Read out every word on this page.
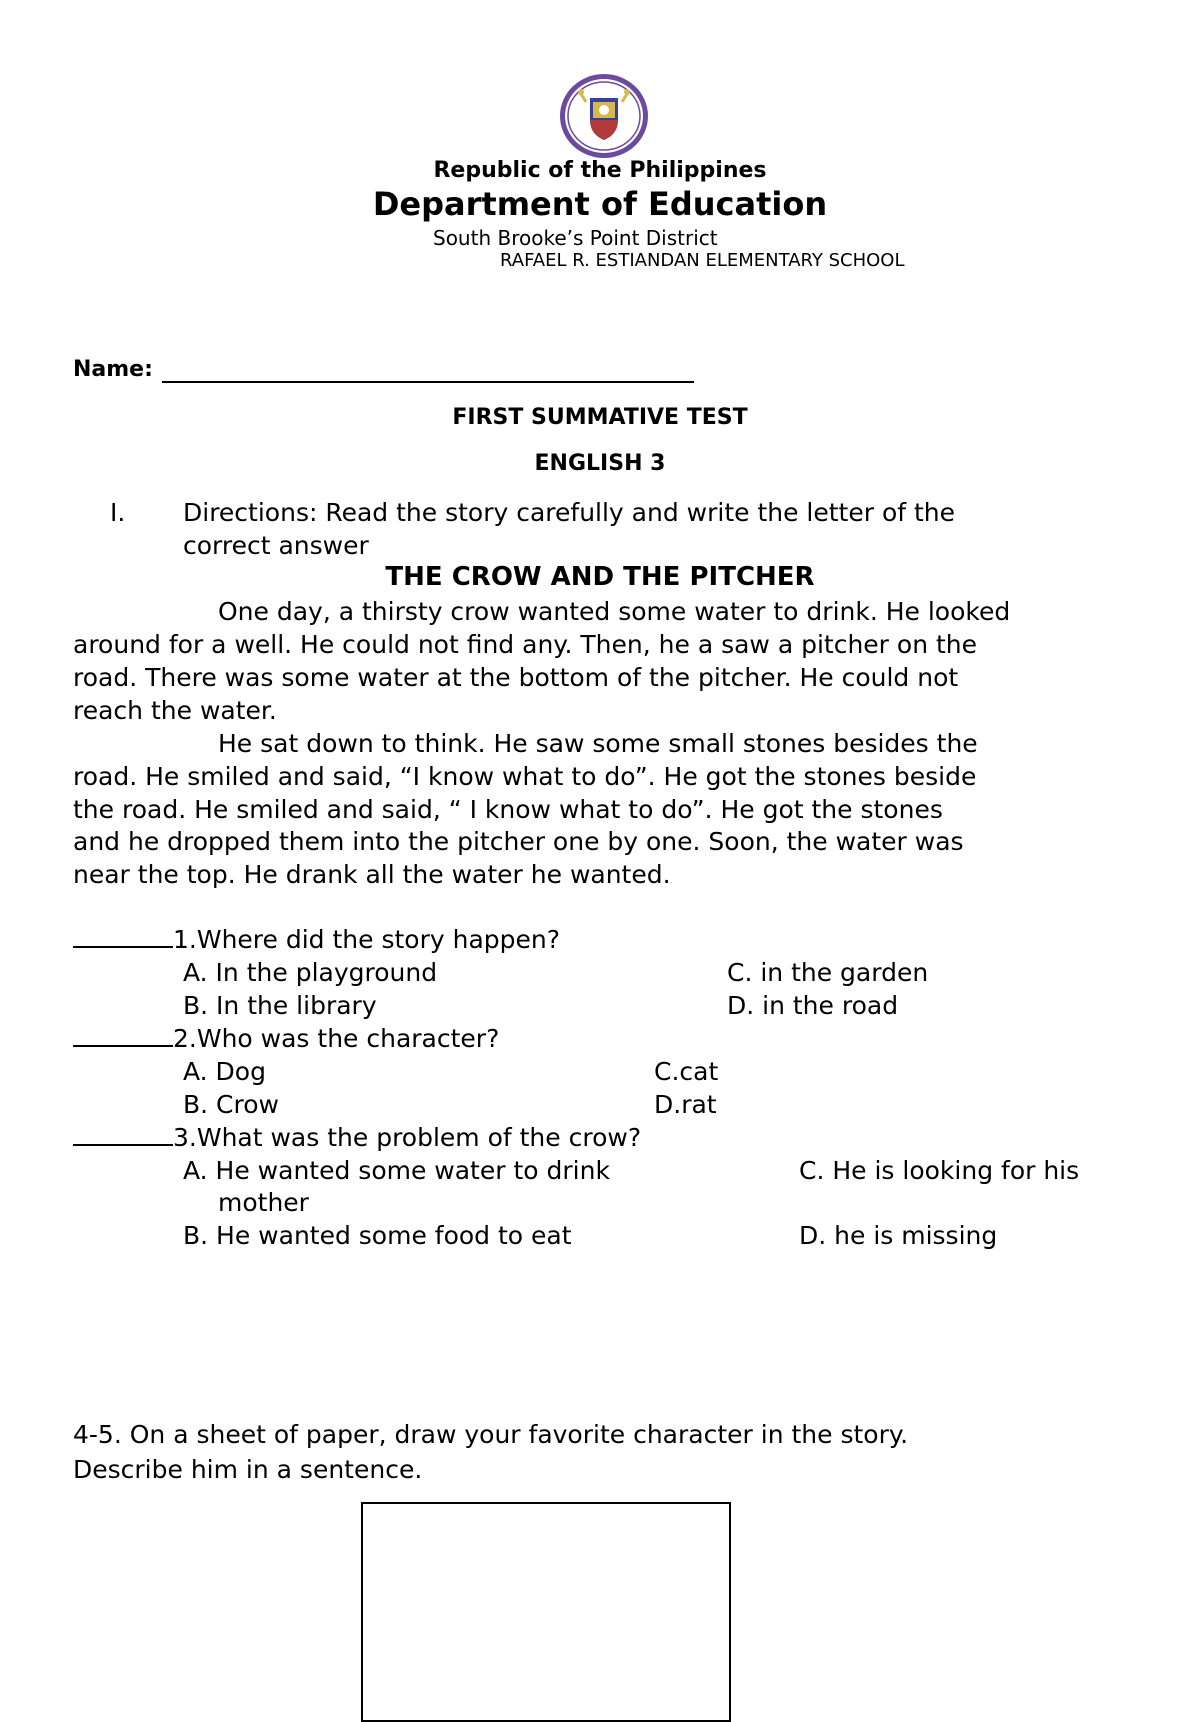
Republic of the Philippines
Department of Education
South Brooke’s Point District
RAFAEL R. ESTIANDAN ELEMENTARY SCHOOL
Name:
FIRST SUMMATIVE TEST
ENGLISH 3
I. Directions: Read the story carefully and write the letter of the
correct answer
THE CROW AND THE PITCHER
One day, a thirsty crow wanted some water to drink. He looked
around for a well. He could not find any. Then, he a saw a pitcher on the
road. There was some water at the bottom of the pitcher. He could not
reach the water.
He sat down to think. He saw some small stones besides the
road. He smiled and said, “I know what to do”. He got the stones beside
the road. He smiled and said, “ I know what to do”. He got the stones
and he dropped them into the pitcher one by one. Soon, the water was
near the top. He drank all the water he wanted.
1.Where did the story happen?
A. In the playground	C. in the garden
B. In the library	D. in the road
2.Who was the character?
A. Dog	C.cat
B. Crow	D.rat
3.What was the problem of the crow?
A. He wanted some water to drink	C. He is looking for his
mother
B. He wanted some food to eat	D. he is missing
4-5. On a sheet of paper, draw your favorite character in the story.
Describe him in a sentence.
